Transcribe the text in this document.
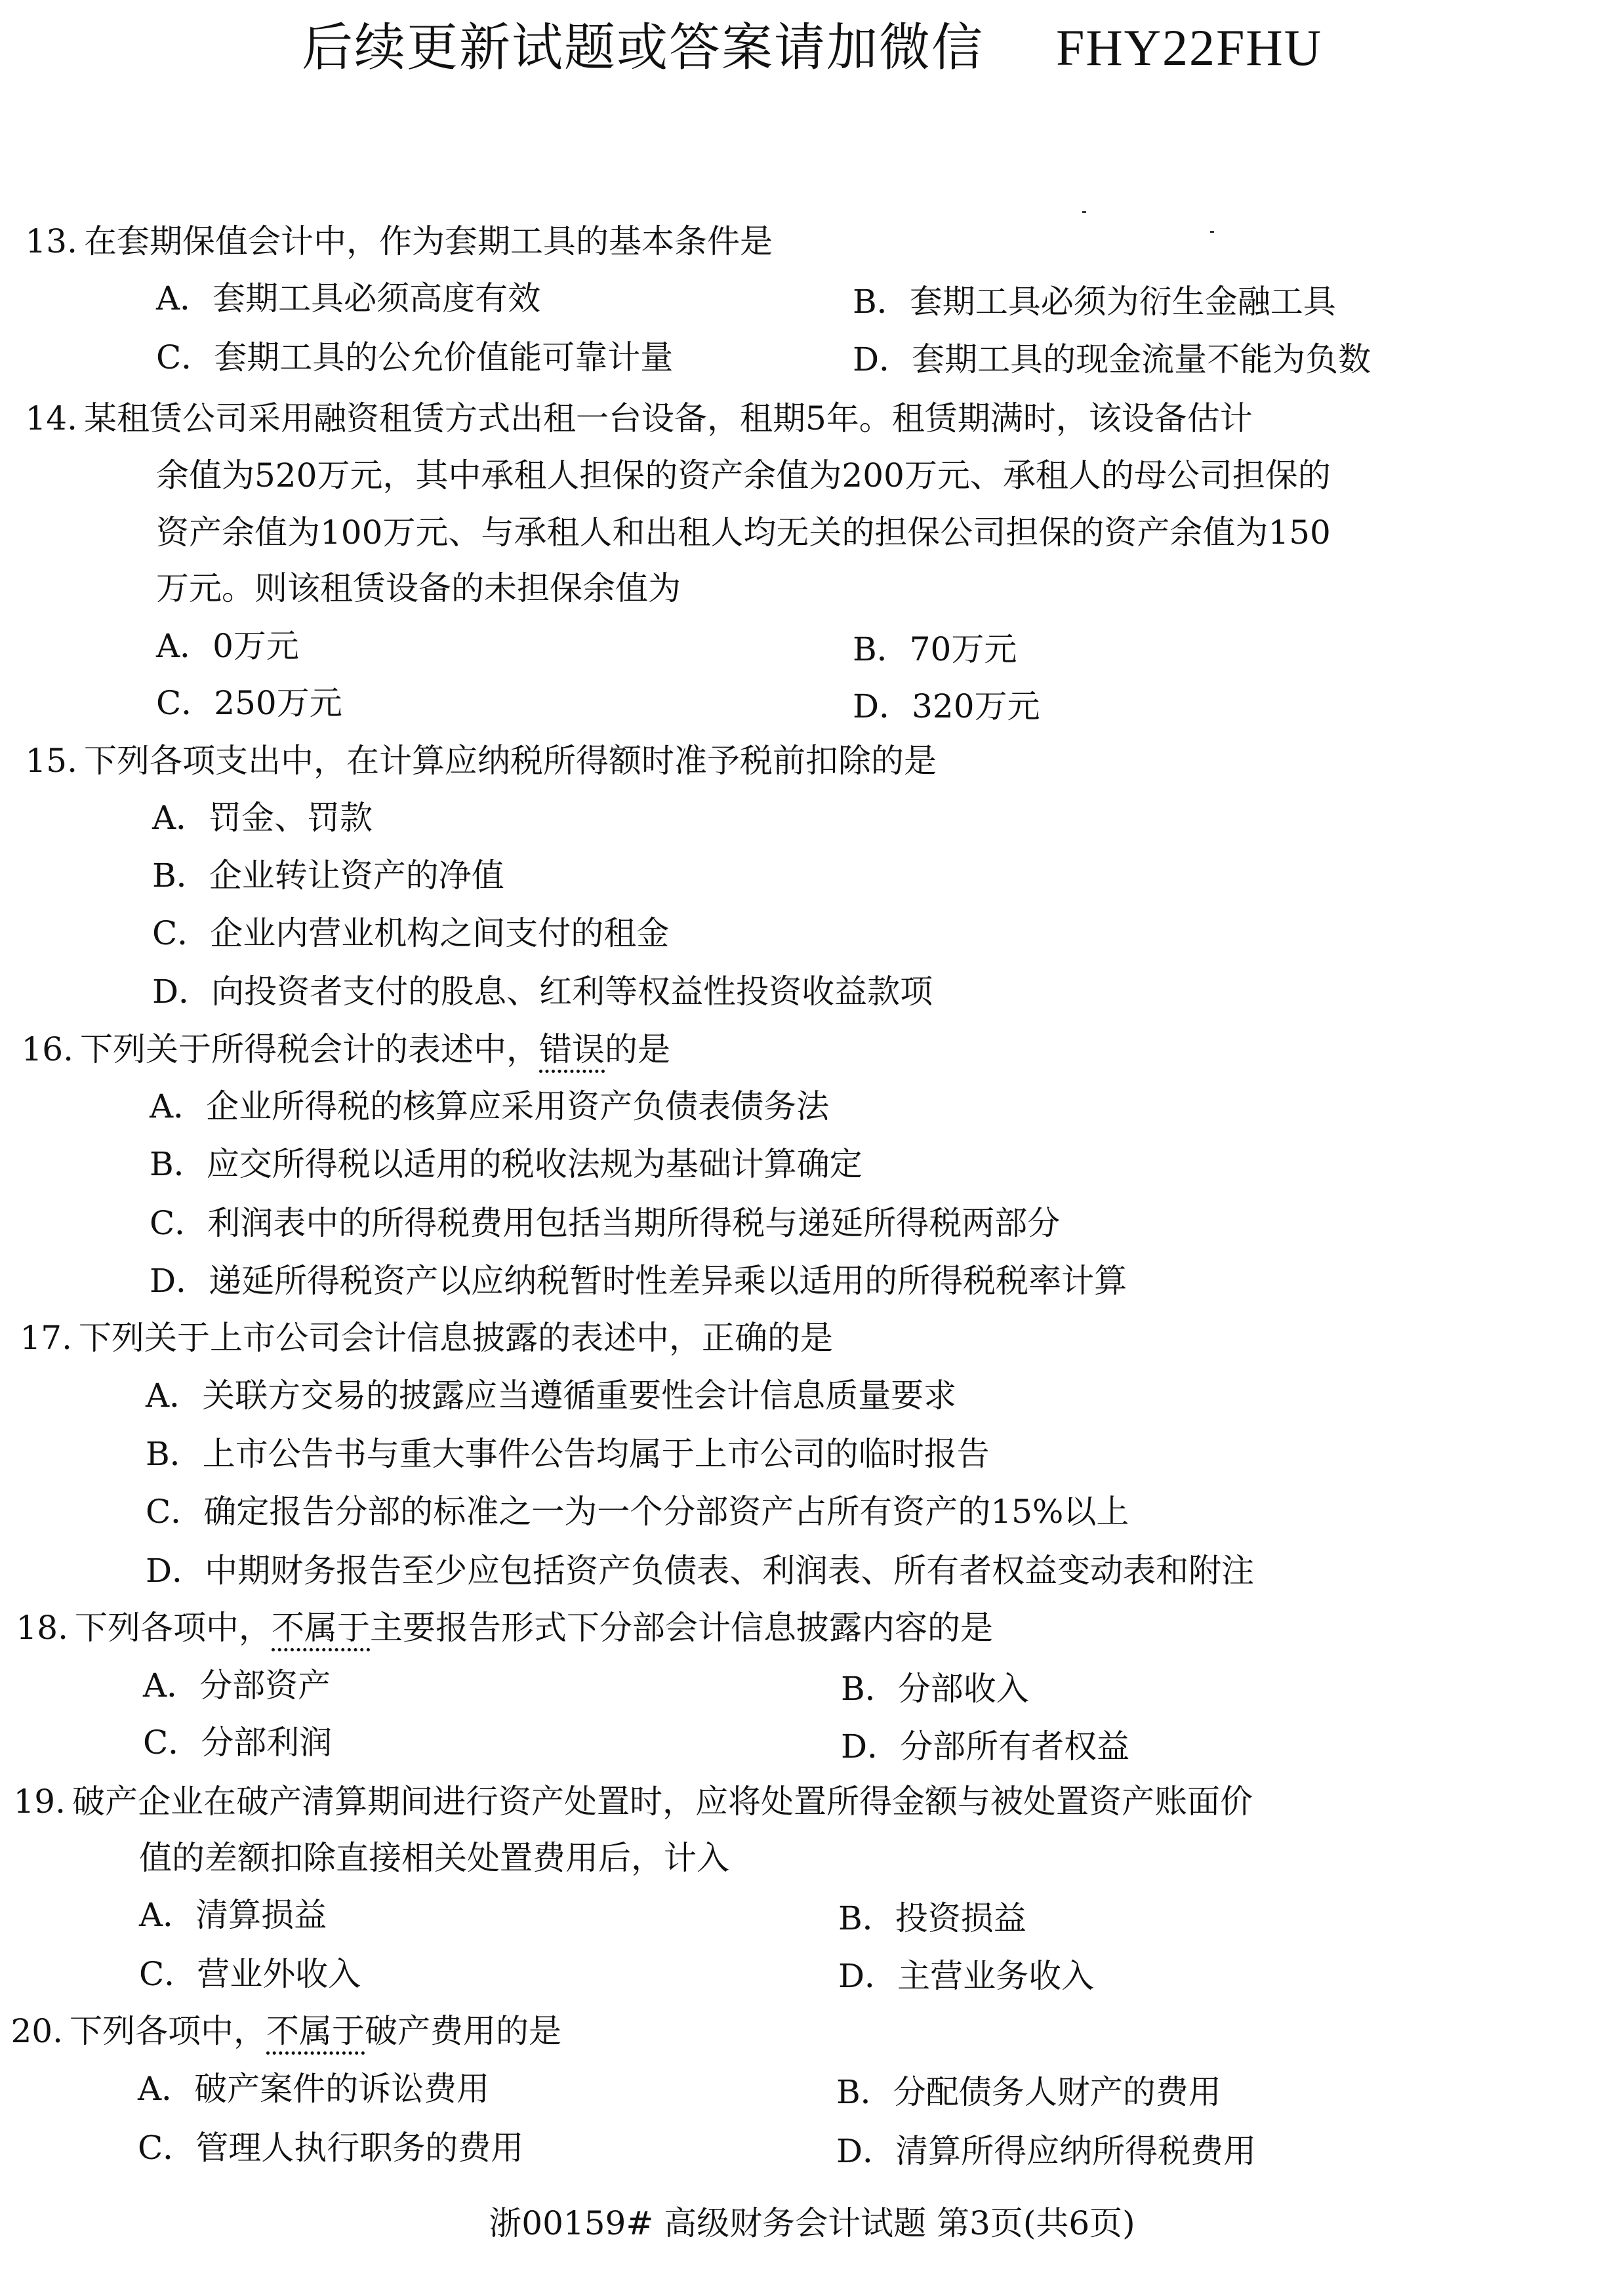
后续更新试题或答案请加微信 FHY22FHU
13. 在套期保值会计中，作为套期工具的基本条件是
A．套期工具必须高度有效	B．套期工具必须为衍生金融工具
C．套期工具的公允价值能可靠计量	D．套期工具的现金流量不能为负数
14. 某租赁公司采用融资租赁方式出租一台设备，租期5年。租赁期满时，该设备估计
余值为520万元，其中承租人担保的资产余值为200万元、承租人的母公司担保的
资产余值为100万元、与承租人和出租人均无关的担保公司担保的资产余值为150
万元。则该租赁设备的未担保余值为
A．0万元	B．70万元
C．250万元	D．320万元
15. 下列各项支出中，在计算应纳税所得额时准予税前扣除的是
A．罚金、罚款
B．企业转让资产的净值
C．企业内营业机构之间支付的租金
D．向投资者支付的股息、红利等权益性投资收益款项
16. 下列关于所得税会计的表述中，错误的是
A．企业所得税的核算应采用资产负债表债务法
B．应交所得税以适用的税收法规为基础计算确定
C．利润表中的所得税费用包括当期所得税与递延所得税两部分
D．递延所得税资产以应纳税暂时性差异乘以适用的所得税税率计算
17. 下列关于上市公司会计信息披露的表述中，正确的是
A．关联方交易的披露应当遵循重要性会计信息质量要求
B．上市公告书与重大事件公告均属于上市公司的临时报告
C．确定报告分部的标准之一为一个分部资产占所有资产的15%以上
D．中期财务报告至少应包括资产负债表、利润表、所有者权益变动表和附注
18. 下列各项中，不属于主要报告形式下分部会计信息披露内容的是
A．分部资产	B．分部收入
C．分部利润	D．分部所有者权益
19. 破产企业在破产清算期间进行资产处置时，应将处置所得金额与被处置资产账面价
值的差额扣除直接相关处置费用后，计入
A．清算损益	B．投资损益
C．营业外收入	D．主营业务收入
20. 下列各项中，不属于破产费用的是
A．破产案件的诉讼费用	B．分配债务人财产的费用
C．管理人执行职务的费用	D．清算所得应纳所得税费用
浙00159# 高级财务会计试题 第3页(共6页)
